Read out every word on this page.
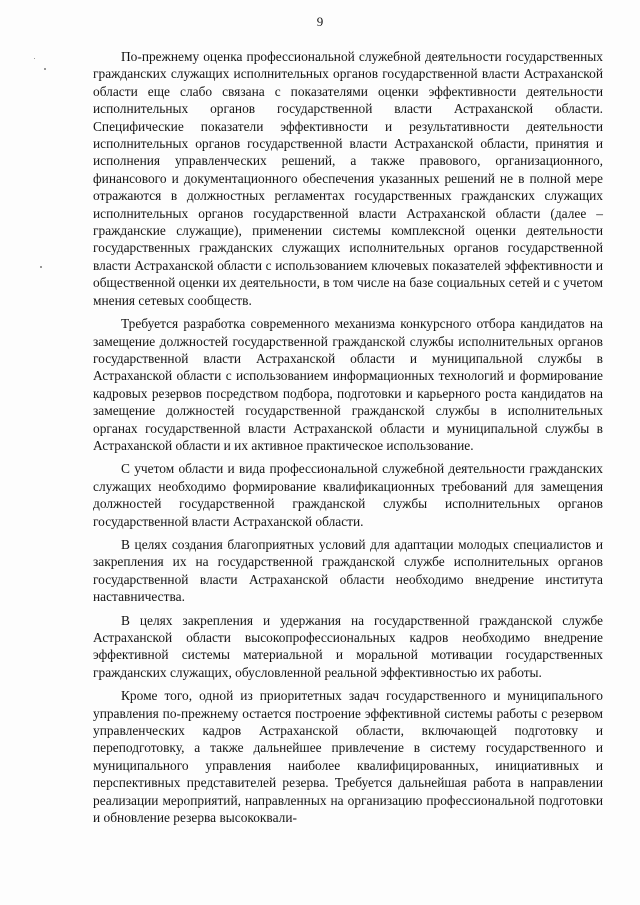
9

По-прежнему оценка профессиональной служебной деятельности государственных гражданских служащих исполнительных органов государственной власти Астраханской области еще слабо связана с показателями оценки эффективности деятельности исполнительных органов государственной власти Астраханской области. Специфические показатели эффективности и результативности деятельности исполнительных органов государственной власти Астраханской области, принятия и исполнения управленческих решений, а также правового, организационного, финансового и документационного обеспечения указанных решений не в полной мере отражаются в должностных регламентах государственных гражданских служащих исполнительных органов государственной власти Астраханской области (далее – гражданские служащие), применении системы комплексной оценки деятельности государственных гражданских служащих исполнительных органов государственной власти Астраханской области с использованием ключевых показателей эффективности и общественной оценки их деятельности, в том числе на базе социальных сетей и с учетом мнения сетевых сообществ.

Требуется разработка современного механизма конкурсного отбора кандидатов на замещение должностей государственной гражданской службы исполнительных органов государственной власти Астраханской области и муниципальной службы в Астраханской области с использованием информационных технологий и формирование кадровых резервов посредством подбора, подготовки и карьерного роста кандидатов на замещение должностей государственной гражданской службы в исполнительных органах государственной власти Астраханской области и муниципальной службы в Астраханской области и их активное практическое использование.

С учетом области и вида профессиональной служебной деятельности гражданских служащих необходимо формирование квалификационных требований для замещения должностей государственной гражданской службы исполнительных органов государственной власти Астраханской области.

В целях создания благоприятных условий для адаптации молодых специалистов и закрепления их на государственной гражданской службе исполнительных органов государственной власти Астраханской области необходимо внедрение института наставничества.

В целях закрепления и удержания на государственной гражданской службе Астраханской области высокопрофессиональных кадров необходимо внедрение эффективной системы материальной и моральной мотивации государственных гражданских служащих, обусловленной реальной эффективностью их работы.

Кроме того, одной из приоритетных задач государственного и муниципального управления по-прежнему остается построение эффективной системы работы с резервом управленческих кадров Астраханской области, включающей подготовку и переподготовку, а также дальнейшее привлечение в систему государственного и муниципального управления наиболее квалифицированных, инициативных и перспективных представителей резерва. Требуется дальнейшая работа в направлении реализации мероприятий, направленных на организацию профессиональной подготовки и обновление резерва высококвали-
